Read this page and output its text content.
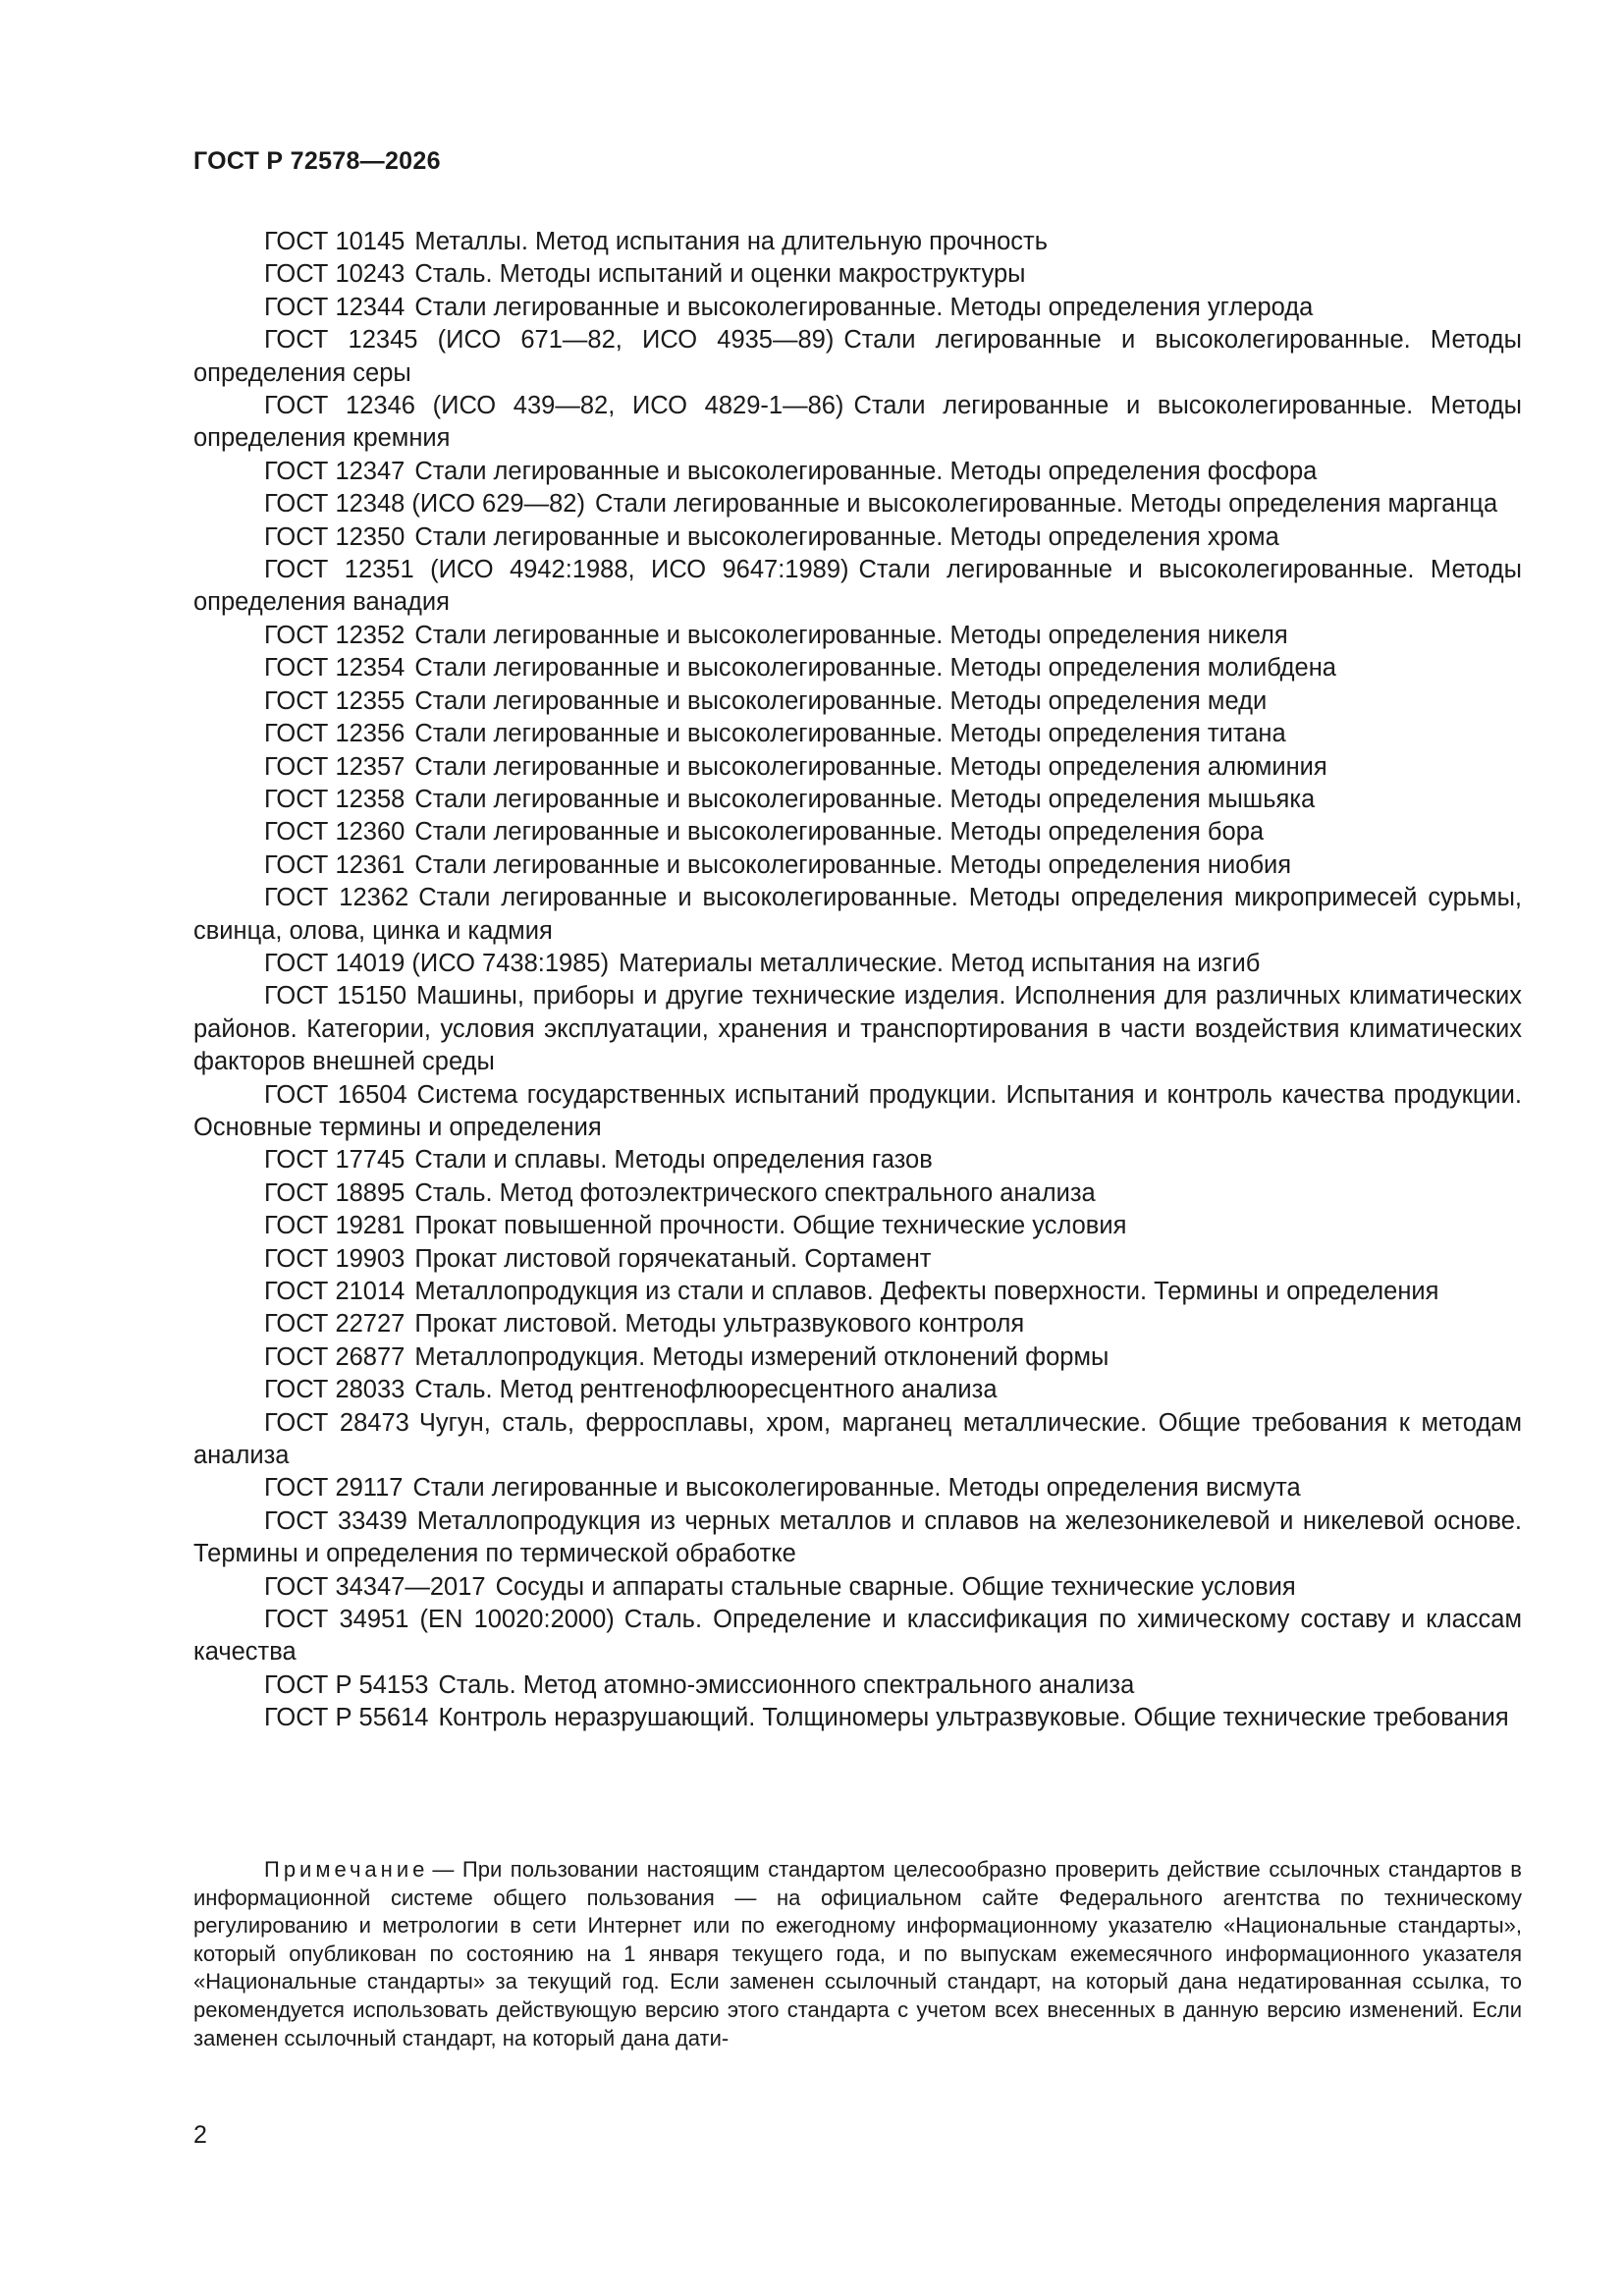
ГОСТ Р 72578—2026

ГОСТ 10145 Металлы. Метод испытания на длительную прочность

ГОСТ 10243 Сталь. Методы испытаний и оценки макроструктуры

ГОСТ 12344 Стали легированные и высоколегированные. Методы определения углерода

ГОСТ 12345 (ИСО 671—82, ИСО 4935—89) Стали легированные и высоколегированные. Методы определения серы

ГОСТ 12346 (ИСО 439—82, ИСО 4829-1—86) Стали легированные и высоколегированные. Методы определения кремния

ГОСТ 12347 Стали легированные и высоколегированные. Методы определения фосфора

ГОСТ 12348 (ИСО 629—82) Стали легированные и высоколегированные. Методы определения марганца

ГОСТ 12350 Стали легированные и высоколегированные. Методы определения хрома

ГОСТ 12351 (ИСО 4942:1988, ИСО 9647:1989) Стали легированные и высоколегированные. Методы определения ванадия

ГОСТ 12352 Стали легированные и высоколегированные. Методы определения никеля

ГОСТ 12354 Стали легированные и высоколегированные. Методы определения молибдена

ГОСТ 12355 Стали легированные и высоколегированные. Методы определения меди

ГОСТ 12356 Стали легированные и высоколегированные. Методы определения титана

ГОСТ 12357 Стали легированные и высоколегированные. Методы определения алюминия

ГОСТ 12358 Стали легированные и высоколегированные. Методы определения мышьяка

ГОСТ 12360 Стали легированные и высоколегированные. Методы определения бора

ГОСТ 12361 Стали легированные и высоколегированные. Методы определения ниобия

ГОСТ 12362 Стали легированные и высоколегированные. Методы определения микропримесей сурьмы, свинца, олова, цинка и кадмия

ГОСТ 14019 (ИСО 7438:1985) Материалы металлические. Метод испытания на изгиб

ГОСТ 15150 Машины, приборы и другие технические изделия. Исполнения для различных климатических районов. Категории, условия эксплуатации, хранения и транспортирования в части воздействия климатических факторов внешней среды

ГОСТ 16504 Система государственных испытаний продукции. Испытания и контроль качества продукции. Основные термины и определения

ГОСТ 17745 Стали и сплавы. Методы определения газов

ГОСТ 18895 Сталь. Метод фотоэлектрического спектрального анализа

ГОСТ 19281 Прокат повышенной прочности. Общие технические условия

ГОСТ 19903 Прокат листовой горячекатаный. Сортамент

ГОСТ 21014 Металлопродукция из стали и сплавов. Дефекты поверхности. Термины и определения

ГОСТ 22727 Прокат листовой. Методы ультразвукового контроля

ГОСТ 26877 Металлопродукция. Методы измерений отклонений формы

ГОСТ 28033 Сталь. Метод рентгенофлюоресцентного анализа

ГОСТ 28473 Чугун, сталь, ферросплавы, хром, марганец металлические. Общие требования к методам анализа

ГОСТ 29117 Стали легированные и высоколегированные. Методы определения висмута

ГОСТ 33439 Металлопродукция из черных металлов и сплавов на железоникелевой и никелевой основе. Термины и определения по термической обработке

ГОСТ 34347—2017 Сосуды и аппараты стальные сварные. Общие технические условия

ГОСТ 34951 (EN 10020:2000) Сталь. Определение и классификация по химическому составу и классам качества

ГОСТ Р 54153 Сталь. Метод атомно-эмиссионного спектрального анализа

ГОСТ Р 55614 Контроль неразрушающий. Толщиномеры ультразвуковые. Общие технические требования

Примечание — При пользовании настоящим стандартом целесообразно проверить действие ссылочных стандартов в информационной системе общего пользования — на официальном сайте Федерального агентства по техническому регулированию и метрологии в сети Интернет или по ежегодному информационному указателю «Национальные стандарты», который опубликован по состоянию на 1 января текущего года, и по выпускам ежемесячного информационного указателя «Национальные стандарты» за текущий год. Если заменен ссылочный стандарт, на который дана недатированная ссылка, то рекомендуется использовать действующую версию этого стандарта с учетом всех внесенных в данную версию изменений. Если заменен ссылочный стандарт, на который дана дати-

2
